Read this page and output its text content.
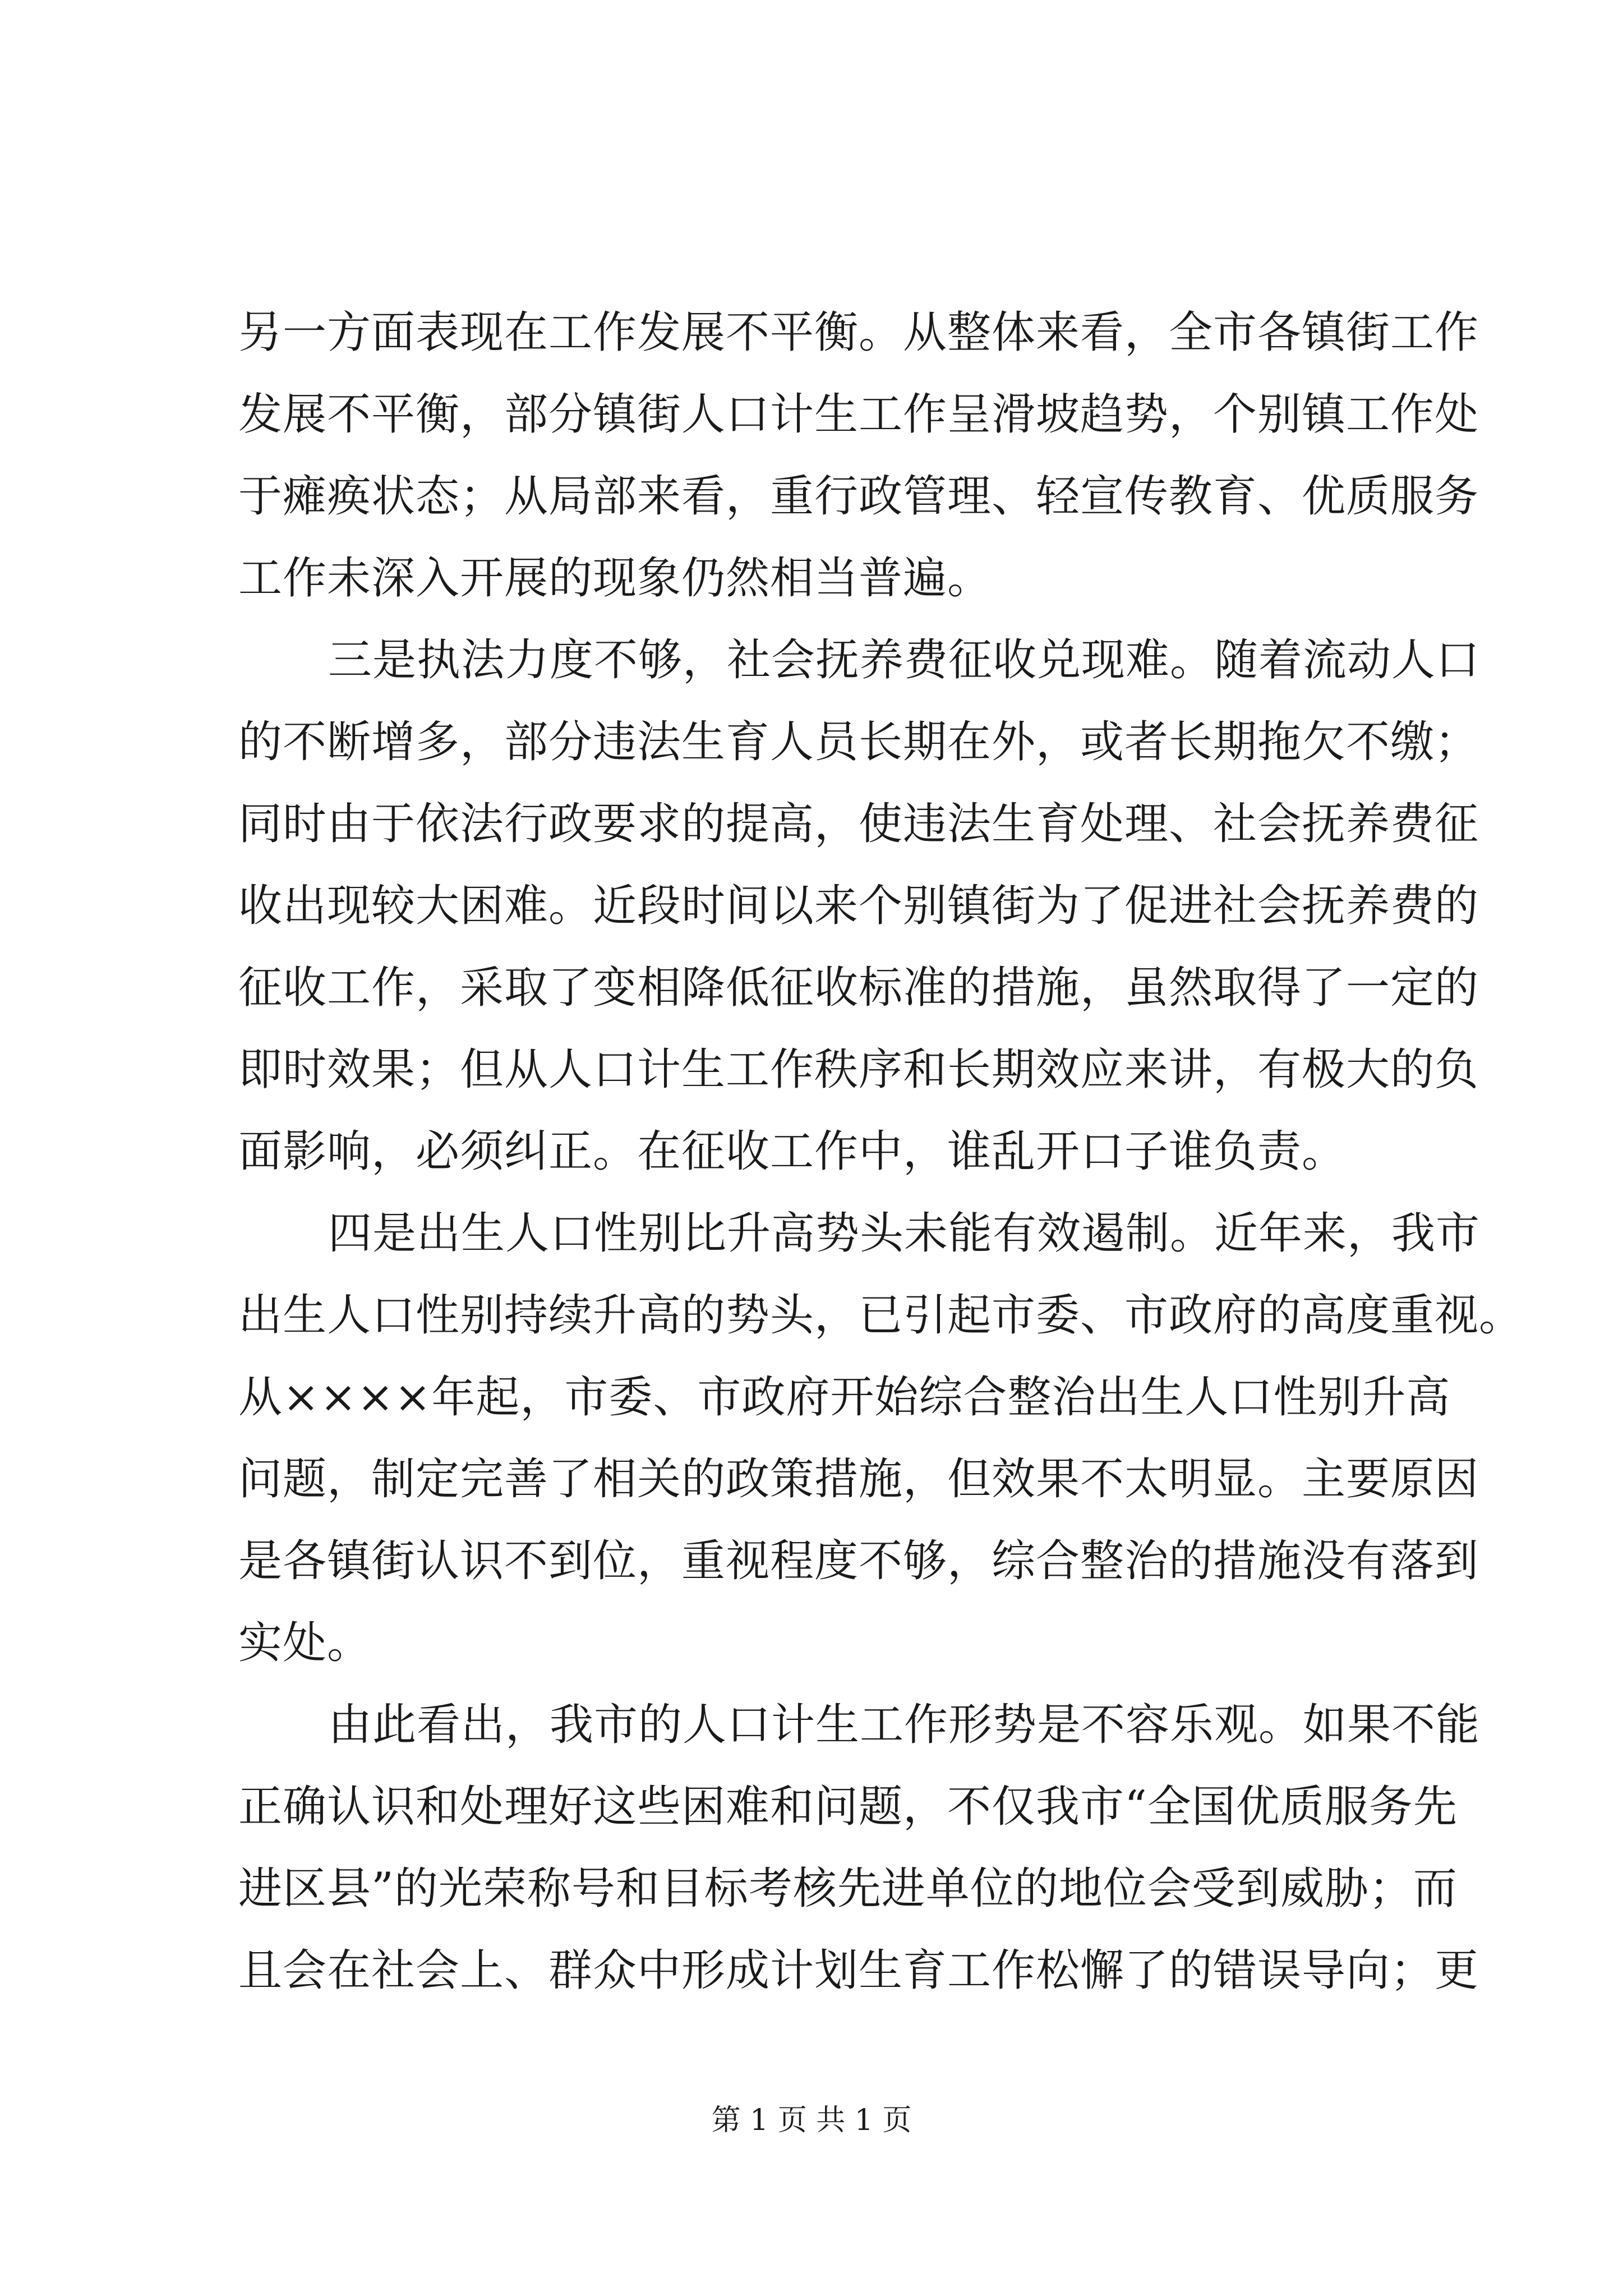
另一方面表现在工作发展不平衡。从整体来看，全市各镇街工作
发展不平衡，部分镇街人口计生工作呈滑坡趋势，个别镇工作处
于瘫痪状态；从局部来看，重行政管理、轻宣传教育、优质服务
工作未深入开展的现象仍然相当普遍。
三是执法力度不够，社会抚养费征收兑现难。随着流动人口
的不断增多，部分违法生育人员长期在外，或者长期拖欠不缴；
同时由于依法行政要求的提高，使违法生育处理、社会抚养费征
收出现较大困难。近段时间以来个别镇街为了促进社会抚养费的
征收工作，采取了变相降低征收标准的措施，虽然取得了一定的
即时效果；但从人口计生工作秩序和长期效应来讲，有极大的负
面影响，必须纠正。在征收工作中，谁乱开口子谁负责。
四是出生人口性别比升高势头未能有效遏制。近年来，我市
出生人口性别持续升高的势头，已引起市委、市政府的高度重视。
从××××年起，市委、市政府开始综合整治出生人口性别升高
问题，制定完善了相关的政策措施，但效果不太明显。主要原因
是各镇街认识不到位，重视程度不够，综合整治的措施没有落到
实处。
由此看出，我市的人口计生工作形势是不容乐观。如果不能
正确认识和处理好这些困难和问题，不仅我市“全国优质服务先
进区县”的光荣称号和目标考核先进单位的地位会受到威胁；而
且会在社会上、群众中形成计划生育工作松懈了的错误导向；更
第 1 页 共 1 页
